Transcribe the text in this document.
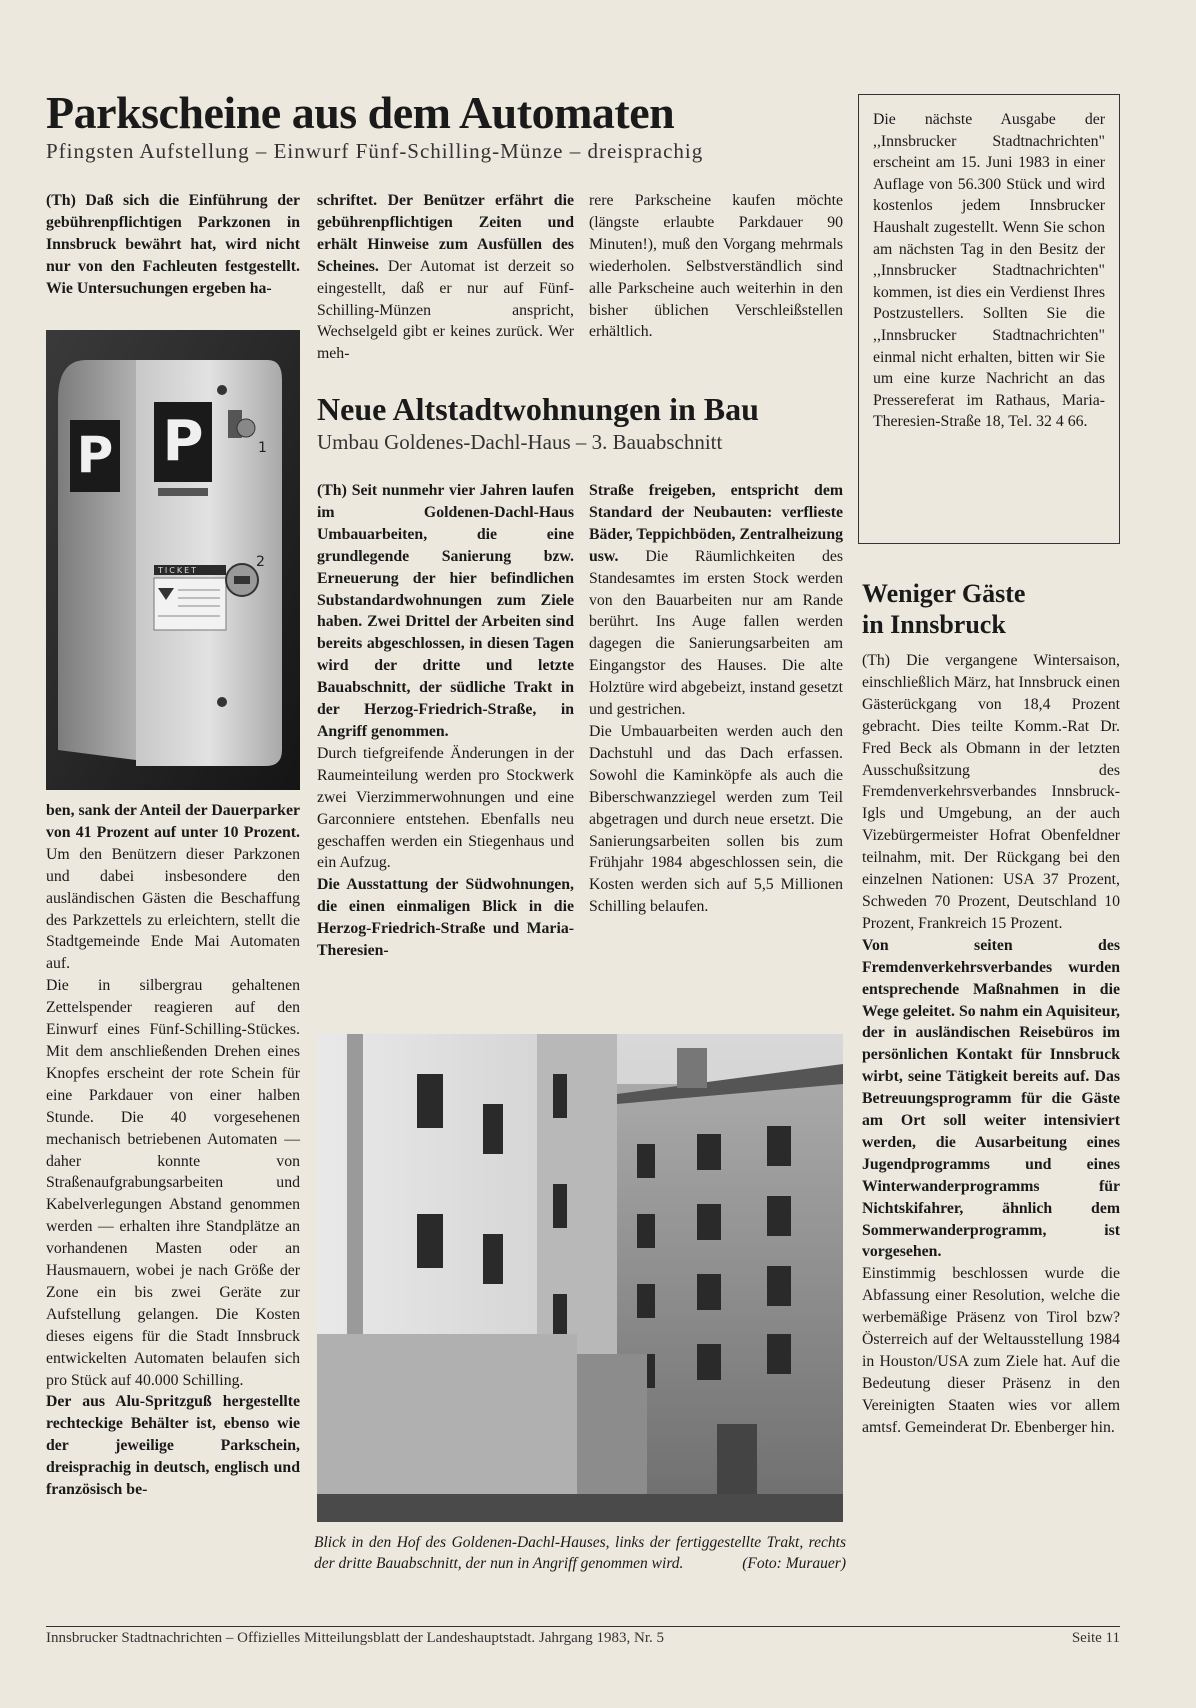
Parkscheine aus dem Automaten

Pfingsten Aufstellung – Einwurf Fünf-Schilling-Münze – dreisprachig

(Th) Daß sich die Einführung der gebührenpflichtigen Parkzonen in Innsbruck bewährt hat, wird nicht nur von den Fachleuten festgestellt. Wie Untersuchungen ergeben ha-

P P	1
TICKET
2

ben, sank der Anteil der Dauerparker von 41 Prozent auf unter 10 Prozent. Um den Benützern dieser Parkzonen und dabei insbesondere den ausländischen Gästen die Beschaffung des Parkzettels zu erleichtern, stellt die Stadtgemeinde Ende Mai Automaten auf.

Die in silbergrau gehaltenen Zettelspender reagieren auf den Einwurf eines Fünf-Schilling-Stückes. Mit dem anschließenden Drehen eines Knopfes erscheint der rote Schein für eine Parkdauer von einer halben Stunde. Die 40 vorgesehenen mechanisch betriebenen Automaten — daher konnte von Straßenaufgrabungsarbeiten und Kabelverlegungen Abstand genommen werden — erhalten ihre Standplätze an vorhandenen Masten oder an Hausmauern, wobei je nach Größe der Zone ein bis zwei Geräte zur Aufstellung gelangen. Die Kosten dieses eigens für die Stadt Innsbruck entwickelten Automaten belaufen sich pro Stück auf 40.000 Schilling.

Der aus Alu-Spritzguß hergestellte rechteckige Behälter ist, ebenso wie der jeweilige Parkschein, dreisprachig in deutsch, englisch und französisch be-

schriftet. Der Benützer erfährt die gebührenpflichtigen Zeiten und erhält Hinweise zum Ausfüllen des Scheines. Der Automat ist derzeit so eingestellt, daß er nur auf Fünf-Schilling-Münzen anspricht, Wechselgeld gibt er keines zurück. Wer meh-

rere Parkscheine kaufen möchte (längste erlaubte Parkdauer 90 Minuten!), muß den Vorgang mehrmals wiederholen. Selbstverständlich sind alle Parkscheine auch weiterhin in den bisher üblichen Verschleißstellen erhältlich.

Neue Altstadtwohnungen in Bau

Umbau Goldenes-Dachl-Haus – 3. Bauabschnitt

(Th) Seit nunmehr vier Jahren laufen im Goldenen-Dachl-Haus Umbauarbeiten, die eine grundlegende Sanierung bzw. Erneuerung der hier befindlichen Substandardwohnungen zum Ziele haben. Zwei Drittel der Arbeiten sind bereits abgeschlossen, in diesen Tagen wird der dritte und letzte Bauabschnitt, der südliche Trakt in der Herzog-Friedrich-Straße, in Angriff genommen.

Durch tiefgreifende Änderungen in der Raumeinteilung werden pro Stockwerk zwei Vierzimmerwohnungen und eine Garconniere entstehen. Ebenfalls neu geschaffen werden ein Stiegenhaus und ein Aufzug.

Die Ausstattung der Südwohnungen, die einen einmaligen Blick in die Herzog-Friedrich-Straße und Maria-Theresien-

Straße freigeben, entspricht dem Standard der Neubauten: verflieste Bäder, Teppichböden, Zentralheizung usw. Die Räumlichkeiten des Standesamtes im ersten Stock werden von den Bauarbeiten nur am Rande berührt. Ins Auge fallen werden dagegen die Sanierungsarbeiten am Eingangstor des Hauses. Die alte Holztüre wird abgebeizt, instand gesetzt und gestrichen.

Die Umbauarbeiten werden auch den Dachstuhl und das Dach erfassen. Sowohl die Kaminköpfe als auch die Biberschwanzziegel werden zum Teil abgetragen und durch neue ersetzt. Die Sanierungsarbeiten sollen bis zum Frühjahr 1984 abgeschlossen sein, die Kosten werden sich auf 5,5 Millionen Schilling belaufen.

Blick in den Hof des Goldenen-Dachl-Hauses, links der fertiggestellte Trakt, rechts der dritte Bauabschnitt, der nun in Angriff genommen wird.	(Foto: Murauer)

Die nächste Ausgabe der ,,Innsbrucker Stadtnachrichten" erscheint am 15. Juni 1983 in einer Auflage von 56.300 Stück und wird kostenlos jedem Innsbrucker Haushalt zugestellt. Wenn Sie schon am nächsten Tag in den Besitz der ,,Innsbrucker Stadtnachrichten" kommen, ist dies ein Verdienst Ihres Postzustellers. Sollten Sie die ,,Innsbrucker Stadtnachrichten" einmal nicht erhalten, bitten wir Sie um eine kurze Nachricht an das Pressereferat im Rathaus, Maria-Theresien-Straße 18, Tel. 32 4 66.

Weniger Gäste
in Innsbruck

(Th) Die vergangene Wintersaison, einschließlich März, hat Innsbruck einen Gästerückgang von 18,4 Prozent gebracht. Dies teilte Komm.-Rat Dr. Fred Beck als Obmann in der letzten Ausschußsitzung des Fremdenverkehrsverbandes Innsbruck-Igls und Umgebung, an der auch Vizebürgermeister Hofrat Obenfeldner teilnahm, mit. Der Rückgang bei den einzelnen Nationen: USA 37 Prozent, Schweden 70 Prozent, Deutschland 10 Prozent, Frankreich 15 Prozent.

Von seiten des Fremdenverkehrsverbandes wurden entsprechende Maßnahmen in die Wege geleitet. So nahm ein Aquisiteur, der in ausländischen Reisebüros im persönlichen Kontakt für Innsbruck wirbt, seine Tätigkeit bereits auf. Das Betreuungsprogramm für die Gäste am Ort soll weiter intensiviert werden, die Ausarbeitung eines Jugendprogramms und eines Winterwanderprogramms für Nichtskifahrer, ähnlich dem Sommerwanderprogramm, ist vorgesehen.

Einstimmig beschlossen wurde die Abfassung einer Resolution, welche die werbemäßige Präsenz von Tirol bzw? Österreich auf der Weltausstellung 1984 in Houston/USA zum Ziele hat. Auf die Bedeutung dieser Präsenz in den Vereinigten Staaten wies vor allem amtsf. Gemeinderat Dr. Ebenberger hin.

Innsbrucker Stadtnachrichten – Offizielles Mitteilungsblatt der Landeshauptstadt. Jahrgang 1983, Nr. 5	Seite 11
